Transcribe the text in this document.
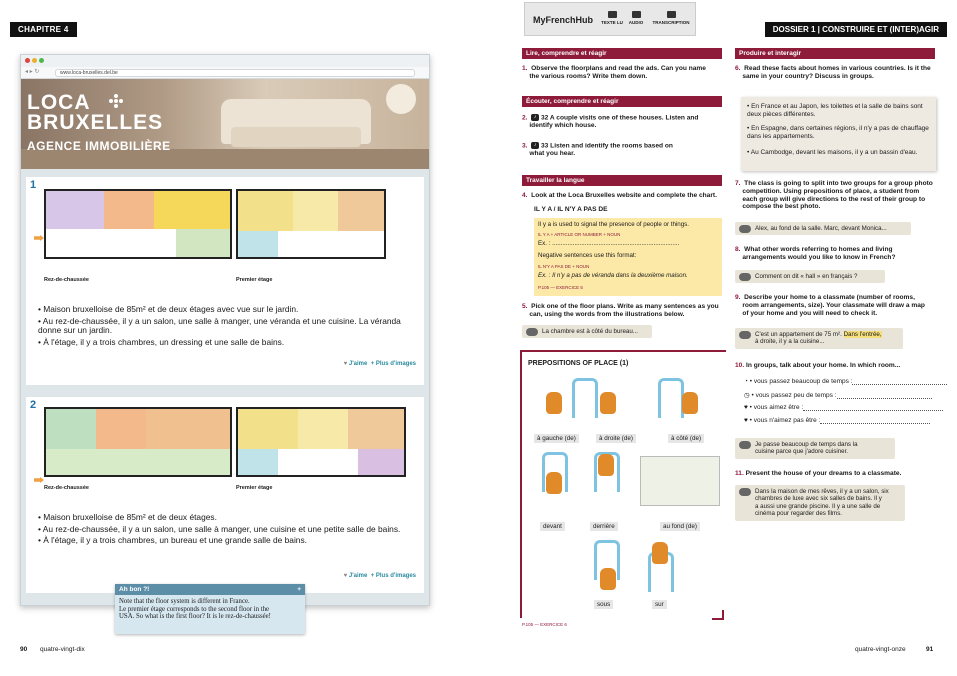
CHAPITRE 4
◂ ▸ ↻	www.loca-bruxelles.del.be
LOCA
BRUXELLES
AGENCE IMMOBILIÈRE
1
Rez-de-chaussée	Premier étage
• Maison bruxelloise de 85m² et de deux étages avec vue sur le jardin.
• Au rez-de-chaussée, il y a un salon, une salle à manger, une véranda et une cuisine. La véranda donne sur un jardin.
• À l'étage, il y a trois chambres, un dressing et une salle de bains.
♥ J'aime + Plus d'images
2
Rez-de-chaussée	Premier étage
• Maison bruxelloise de 85m² et de deux étages.
• Au rez-de-chaussée, il y a un salon, une salle à manger, une cuisine et une petite salle de bains.
• À l'étage, il y a trois chambres, un bureau et une grande salle de bains.
♥ J'aime + Plus d'images
+
Ah bon ?!
Note that the floor system is different in France.
Le premier étage corresponds to the second floor in the
USA. So what is the first floor? It is le rez-de-chaussée!
90 quatre-vingt-dix
MyFrenchHub TEXTE LU	AUDIO	TRANSCRIPTION
DOSSIER 1 | CONSTRUIRE ET (INTER)AGIR
Lire, comprendre et réagir
1. Observe the floorplans and read the ads. Can you name
the various rooms? Write them down.
Écouter, comprendre et réagir
2. ♪ 32 A couple visits one of these houses. Listen and
identify which house.
3. ♪ 33 Listen and identify the rooms based on
what you hear.
Travailler la langue
4. Look at the Loca Bruxelles website and complete the chart.
IL Y A / IL N'Y A PAS DE
Il y a is used to signal the presence of people or things.
IL Y A + ARTICLE OR NUMBER + NOUN
Ex. : ..........................................................................
Negative sentences use this format:
IL N'Y A PAS DE + NOUN
Ex. : Il n'y a pas de véranda dans la deuxième maison.
P.105 — EXERCICE 5
5. Pick one of the floor plans. Write as many sentences as you
can, using the words from the illustrations below.
La chambre est à côté du bureau...
PREPOSITIONS OF PLACE (1)
à gauche (de)	à droite (de)	à côté (de)
devant	derrière	au fond (de)
sous	sur
P.105 — EXERCICE 6
Produire et interagir
6. Read these facts about homes in various countries. Is it the
same in your country? Discuss in groups.
• En France et au Japon, les toilettes et la salle de bains sont deux pièces différentes.
• En Espagne, dans certaines régions, il n'y a pas de chauffage dans les appartements.
• Au Cambodge, devant les maisons, il y a un bassin d'eau.
7. The class is going to split into two groups for a group photo
competition. Using prepositions of place, a student from
each group will give directions to the rest of their group to
compose the best photo.
Alex, au fond de la salle. Marc, devant Monica...
8. What other words referring to homes and living
arrangements would you like to know in French?
Comment on dit « hall » en français ?
9. Describe your home to a classmate (number of rooms,
room arrangements, size). Your classmate will draw a map
of your home and you will need to check it.
C'est un appartement de 75 m². Dans l'entrée,
à droite, il y a la cuisine...
10. In groups, talk about your home. In which room...
◔ • vous passez beaucoup de temps :
◷ • vous passez peu de temps :
♥ • vous aimez être :
♥ • vous n'aimez pas être :
Je passe beaucoup de temps dans la
cuisine parce que j'adore cuisiner.
11. Present the house of your dreams to a classmate.
Dans la maison de mes rêves, il y a un salon, six
chambres de luxe avec six salles de bains. Il y
a aussi une grande piscine. Il y a une salle de
cinéma pour regarder des films.
quatre-vingt-onze	91
